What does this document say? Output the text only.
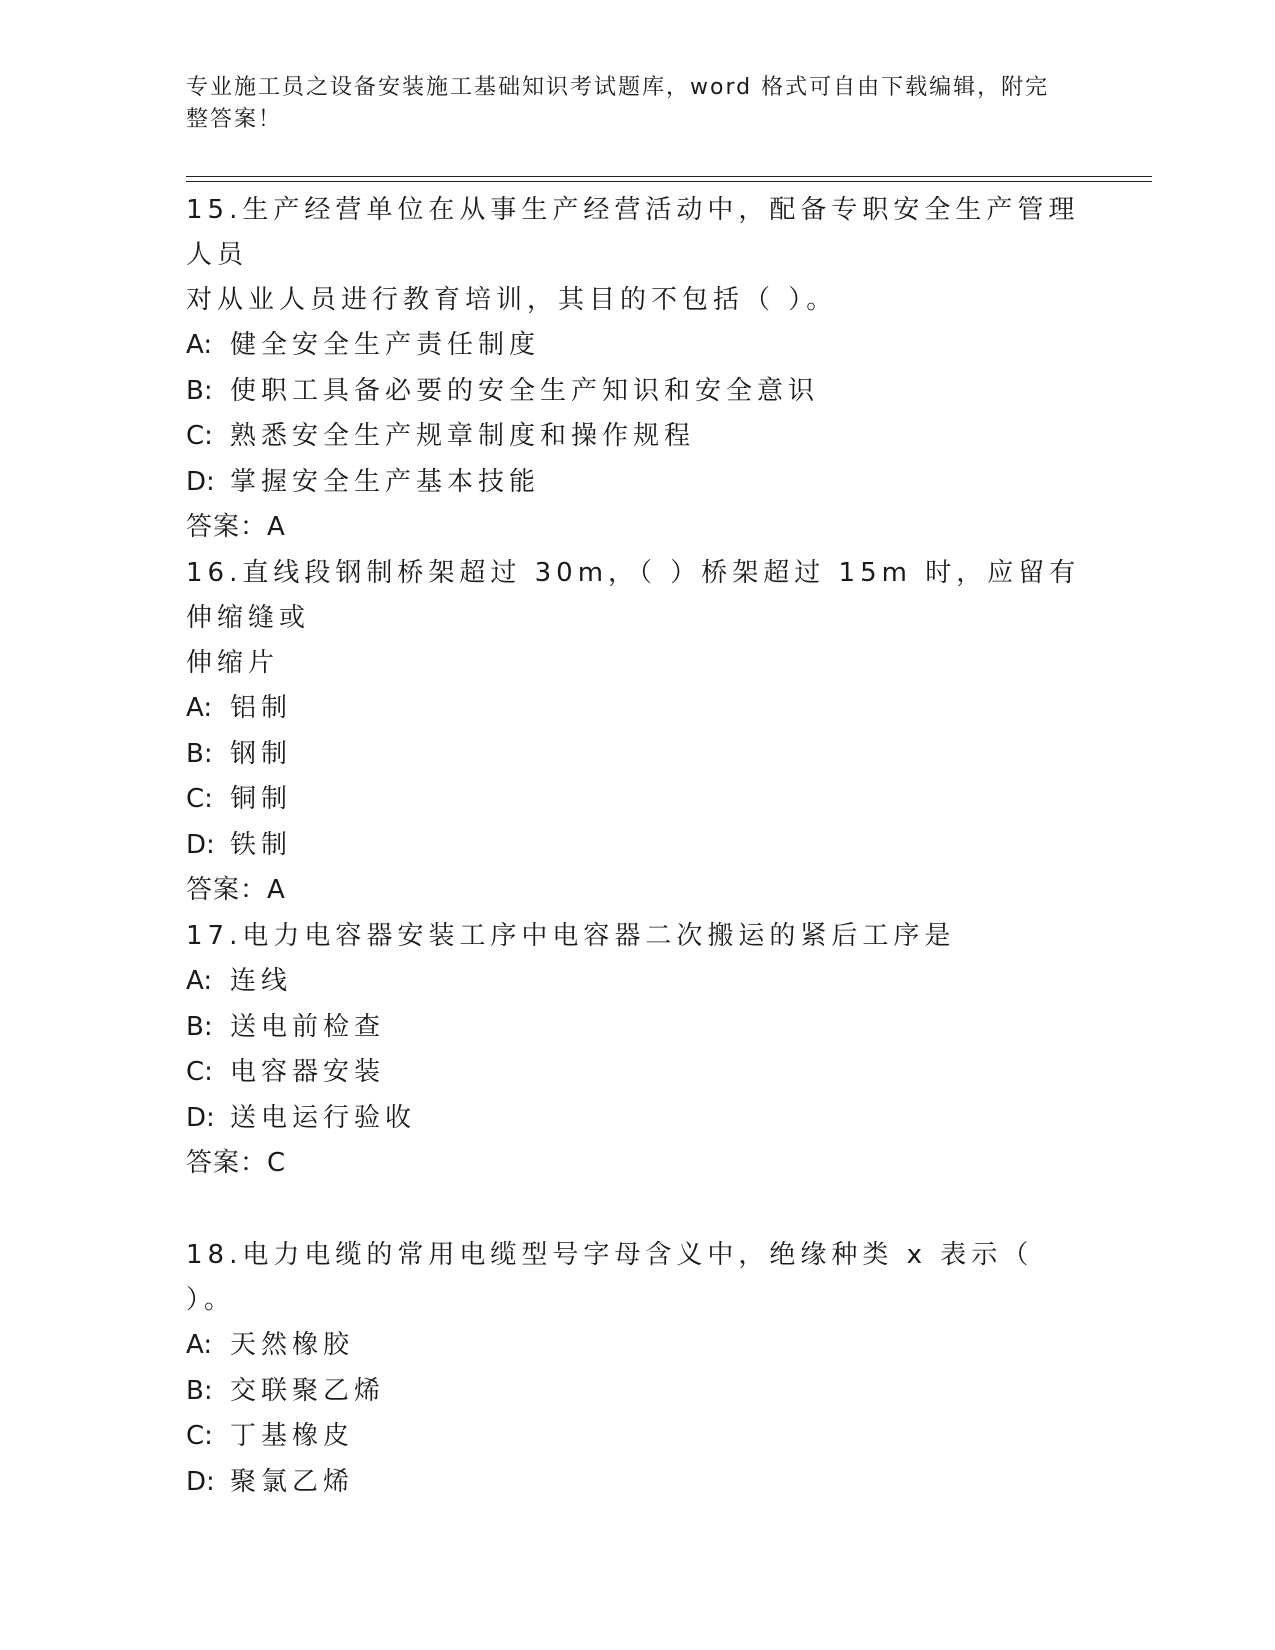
专业施工员之设备安装施工基础知识考试题库，word 格式可自由下载编辑，附完
整答案！

15.生产经营单位在从事生产经营活动中，配备专职安全生产管理人员

对从业人员进行教育培训，其目的不包括（ ）。

A: 健全安全生产责任制度

B: 使职工具备必要的安全生产知识和安全意识

C: 熟悉安全生产规章制度和操作规程

D: 掌握安全生产基本技能

答案：A

16.直线段钢制桥架超过 30m，（ ）桥架超过 15m 时，应留有伸缩缝或

伸缩片

A: 铝制

B: 钢制

C: 铜制

D: 铁制

答案：A

17.电力电容器安装工序中电容器二次搬运的紧后工序是

A: 连线

B: 送电前检查

C: 电容器安装

D: 送电运行验收

答案：C

18.电力电缆的常用电缆型号字母含义中，绝缘种类 x 表示（ ）。

A: 天然橡胶

B: 交联聚乙烯

C: 丁基橡皮

D: 聚氯乙烯
